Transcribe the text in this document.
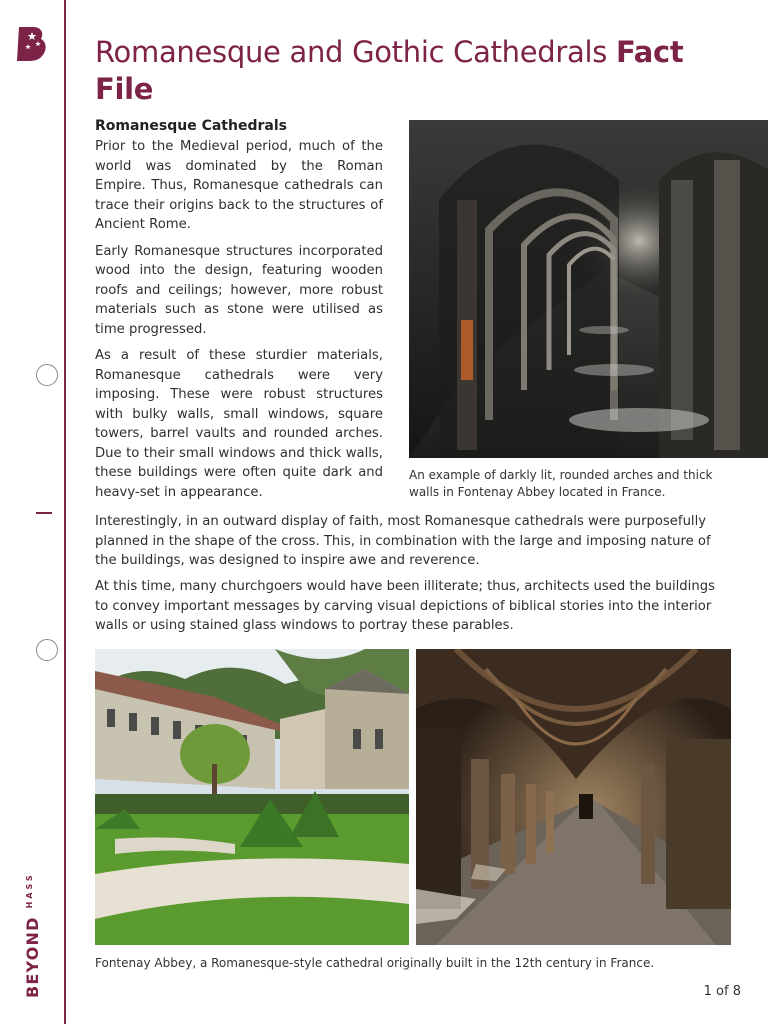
$BEYOND^{HASS}$
Romanesque and Gothic Cathedrals Fact File
Romanesque Cathedrals

Prior to the Medieval period, much of the world was dominated by the Roman Empire. Thus, Romanesque cathedrals can trace their origins back to the structures of Ancient Rome.

Early Romanesque structures incorporated wood into the design, featuring wooden roofs and ceilings; however, more robust materials such as stone were utilised as time progressed.

As a result of these sturdier materials, Romanesque cathedrals were very imposing. These were robust structures with bulky walls, small windows, square towers, barrel vaults and rounded arches. Due to their small windows and thick walls, these buildings were often quite dark and heavy-set in appearance.

An example of darkly lit, rounded arches and thick walls in Fontenay Abbey located in France.

Interestingly, in an outward display of faith, most Romanesque cathedrals were purposefully planned in the shape of the cross. This, in combination with the large and imposing nature of the buildings, was designed to inspire awe and reverence.

At this time, many churchgoers would have been illiterate; thus, architects used the buildings to convey important messages by carving visual depictions of biblical stories into the interior walls or using stained glass windows to portray these parables.

Fontenay Abbey, a Romanesque-style cathedral originally built in the 12th century in France.
1 of 8
